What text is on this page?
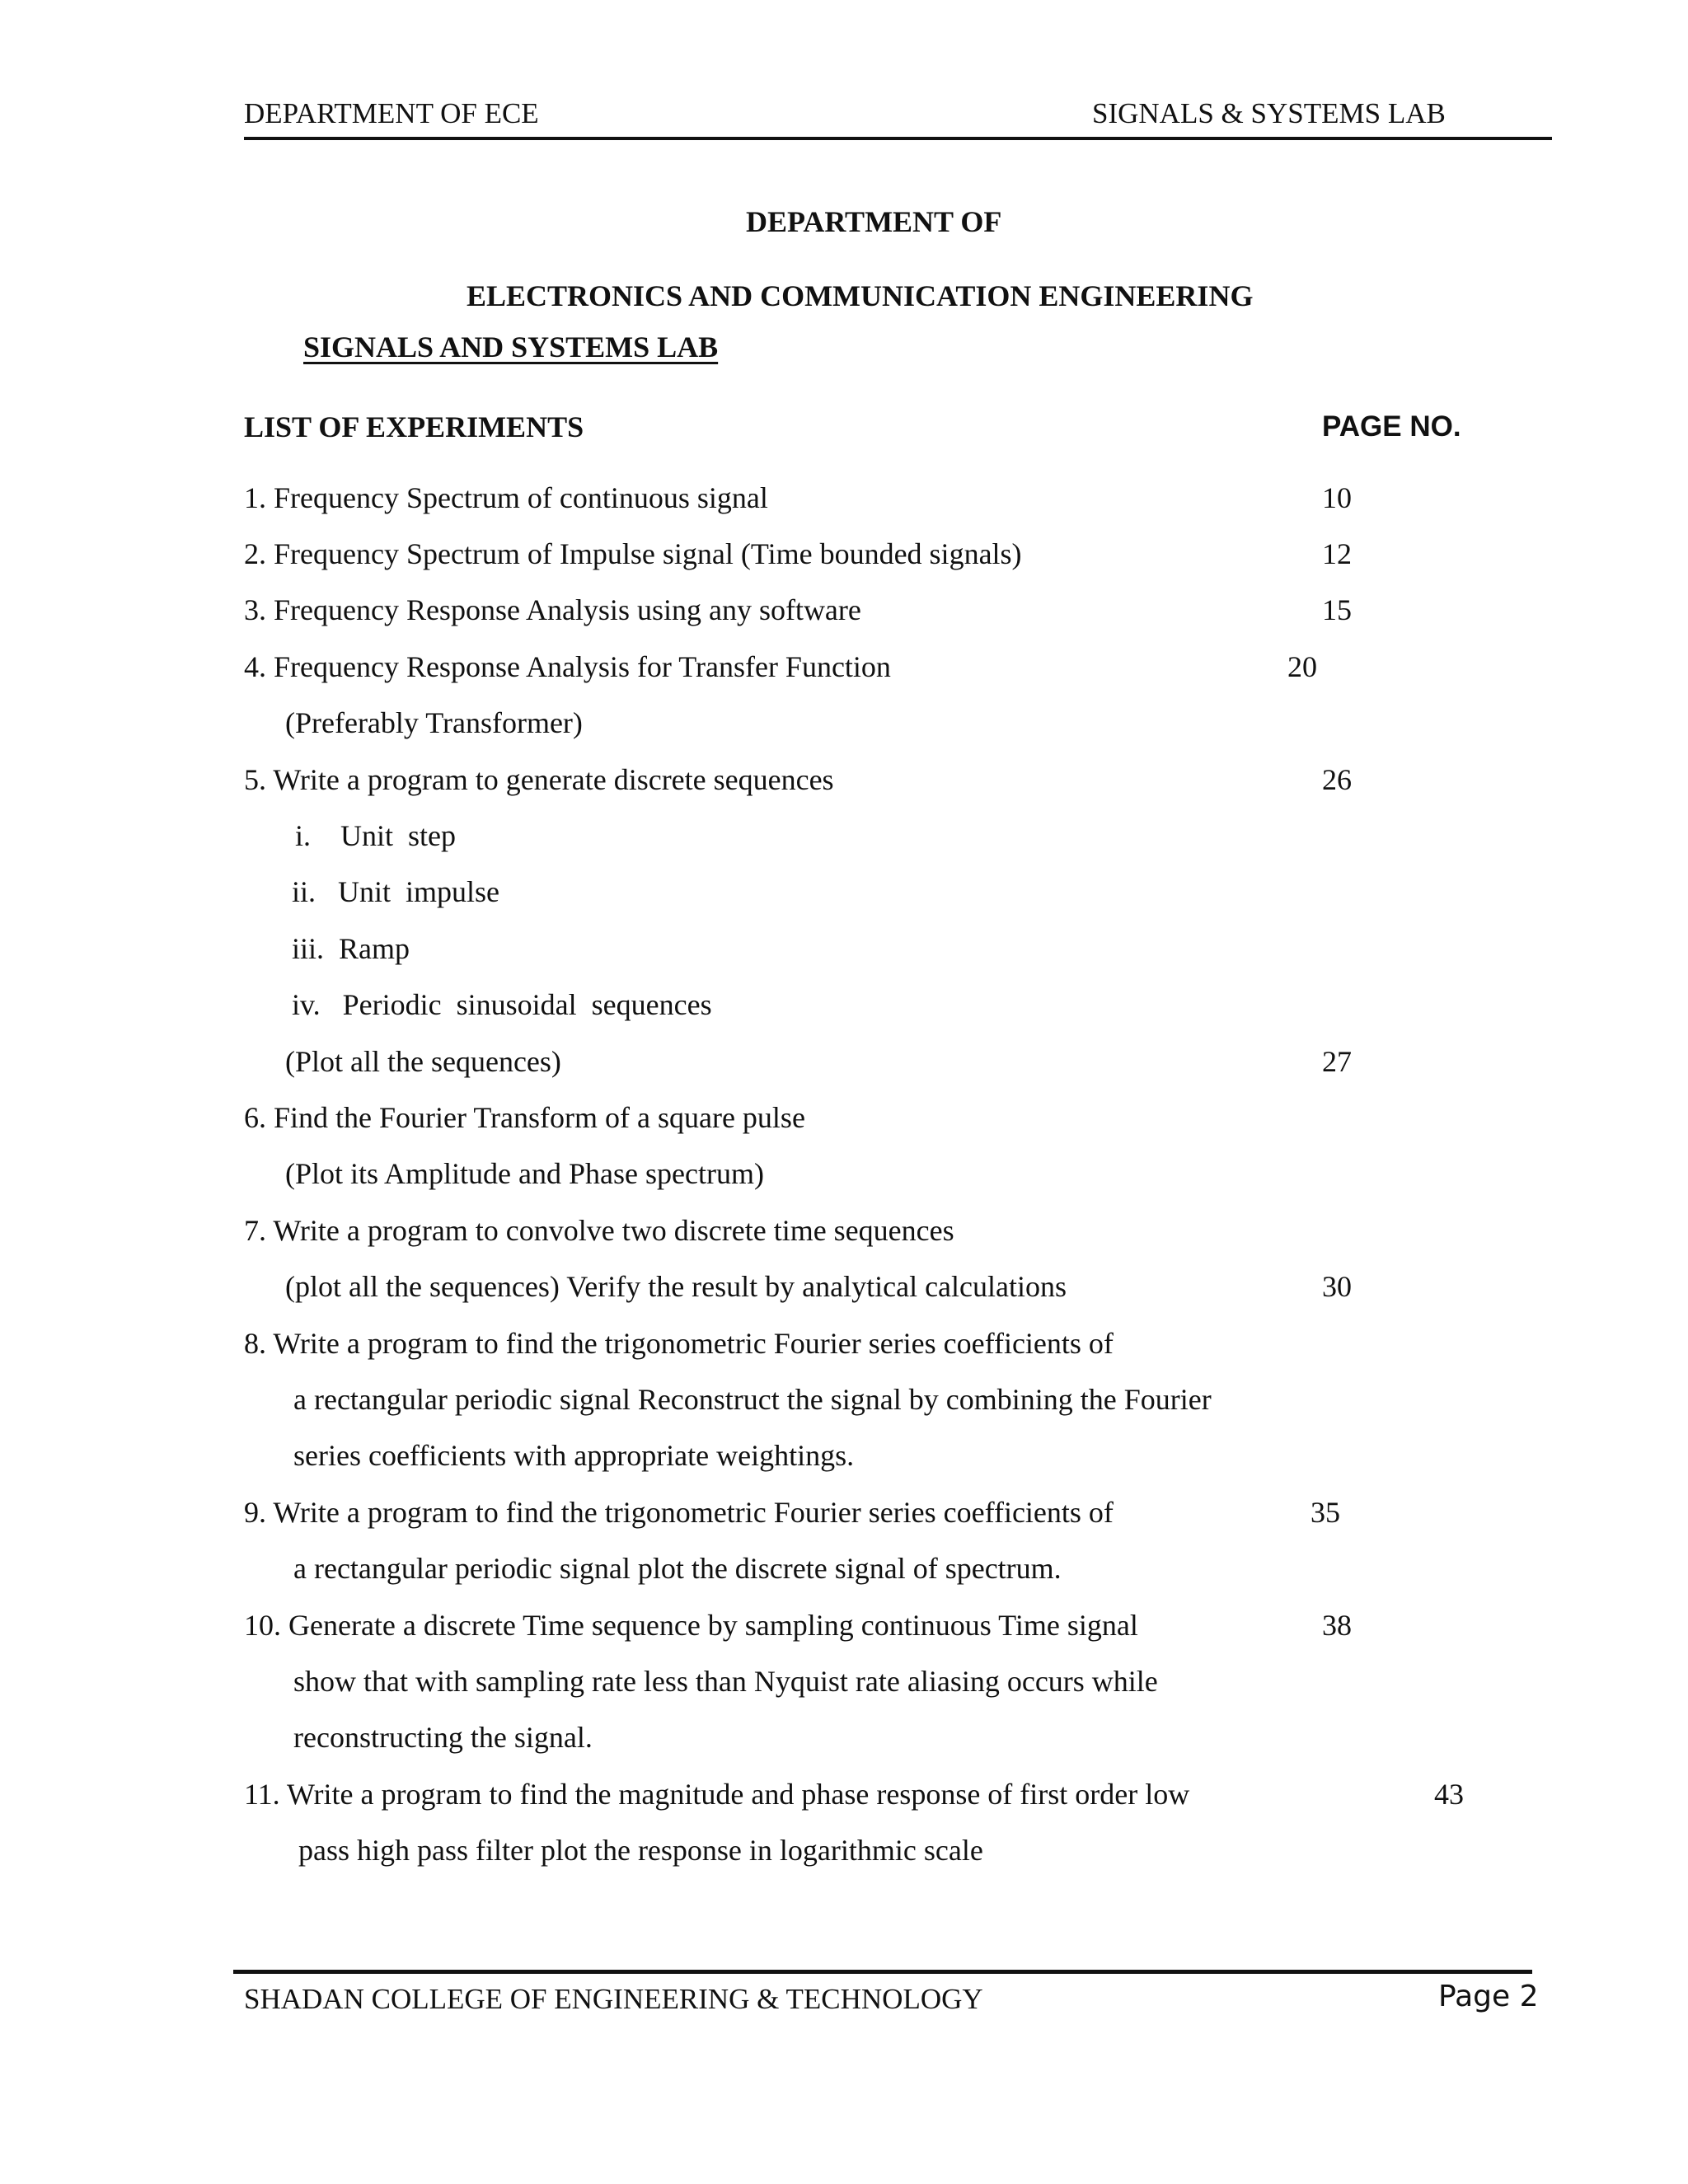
DEPARTMENT OF ECE	SIGNALS & SYSTEMS LAB
DEPARTMENT OF
ELECTRONICS AND COMMUNICATION ENGINEERING
SIGNALS AND SYSTEMS LAB
LIST OF EXPERIMENTS	PAGE NO.
1. Frequency Spectrum of continuous signal	10
2. Frequency Spectrum of Impulse signal (Time bounded signals)	12
3. Frequency Response Analysis using any software	15
4. Frequency Response Analysis for Transfer Function	20
(Preferably Transformer)
5. Write a program to generate discrete sequences	26
i.    Unit  step
ii.   Unit  impulse
iii.  Ramp
iv.   Periodic  sinusoidal  sequences
(Plot all the sequences)	27
6. Find the Fourier Transform of a square pulse
(Plot its Amplitude and Phase spectrum)
7. Write a program to convolve two discrete time sequences
(plot all the sequences) Verify the result by analytical calculations	30
8. Write a program to find the trigonometric Fourier series coefficients of
a rectangular periodic signal Reconstruct the signal by combining the Fourier
series coefficients with appropriate weightings.
9. Write a program to find the trigonometric Fourier series coefficients of	35
a rectangular periodic signal plot the discrete signal of spectrum.
10. Generate a discrete Time sequence by sampling continuous Time signal	38
show that with sampling rate less than Nyquist rate aliasing occurs while
reconstructing the signal.
11. Write a program to find the magnitude and phase response of first order low	43
pass high pass filter plot the response in logarithmic scale
SHADAN COLLEGE OF ENGINEERING & TECHNOLOGY	Page 2
